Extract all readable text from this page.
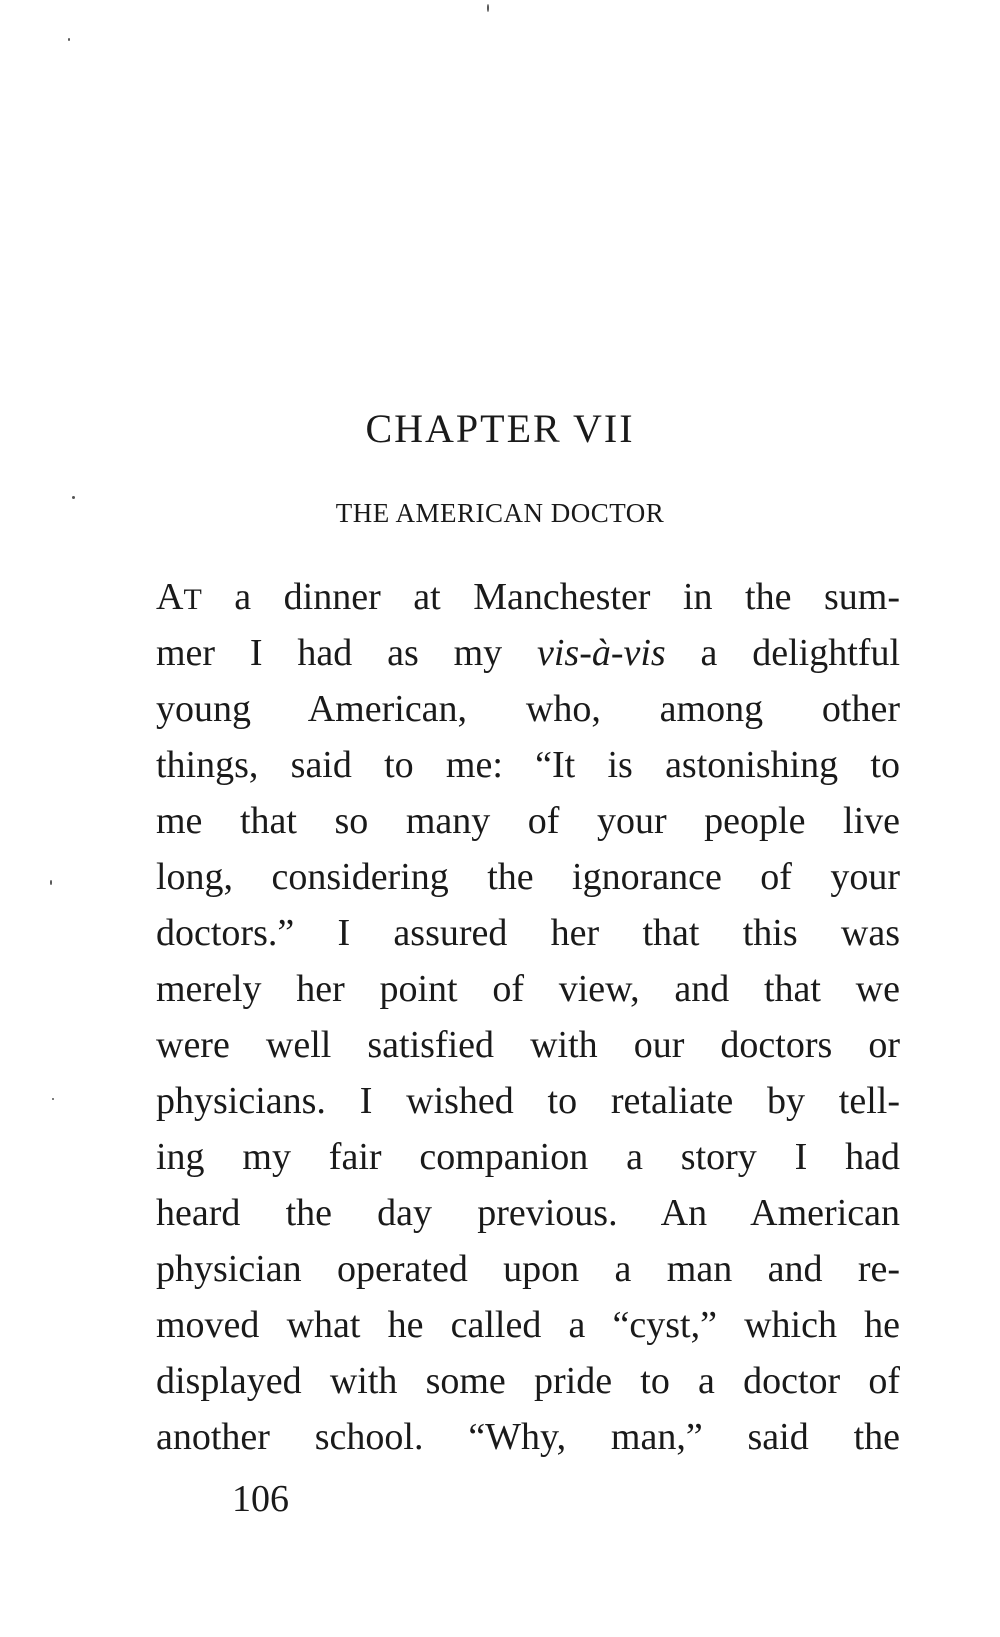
CHAPTER VII
THE AMERICAN DOCTOR
AT a dinner at Manchester in the sum-
mer I had as my vis-à-vis a delightful
young American, who, among other
things, said to me: “It is astonishing to
me that so many of your people live
long, considering the ignorance of your
doctors.” I assured her that this was
merely her point of view, and that we
were well satisfied with our doctors or
physicians. I wished to retaliate by tell-
ing my fair companion a story I had
heard the day previous. An American
physician operated upon a man and re-
moved what he called a “cyst,” which he
displayed with some pride to a doctor of
another school. “Why, man,” said the

106
